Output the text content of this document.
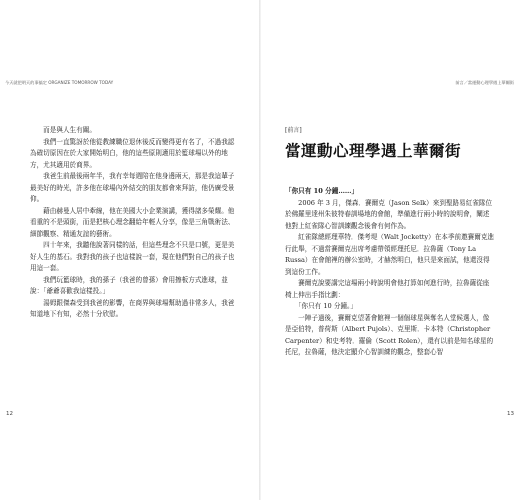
今天就把明天的事搞定 ORGANIZE TOMORROW TODAY

　　而是與人生有關。

　　我們一直驚訝於他從教練職位退休後反而變得更有名了，不過我認為確切原因在於大家開始明白，他的這些原則適用於籃球場以外的地方，尤其適用於商界。

　　我爸生前最後兩年半，我有幸每週陪在他身邊兩天，那是我這輩子最美好的時光，許多他在球場內外結交的朋友都會來拜訪，他仍廣受景仰。

　　藉由赫曼人居中牽線，他在美國大小企業演講，獲得諸多榮耀。他看重的不是頭銜，而是把核心理念翻給年輕人分享，像是三角戰術法、細節觀察、精通友誼的藝術。

　　四十年來，我聽他說著同樣的話，但這些理念不只是口號，更是美好人生的基石。我對我的孩子也這樣說一套，現在他們對自己的孩子也用這一套。

　　我們玩籃球時，我的孫子（我爸的曾孫）會用擦板方式進球，並說：「爺爺喜歡我這樣投。」

　　湯姆跟傑森受到我爸的影響，在商界與球場幫助過非常多人，我爸知道地下有知，必然十分欣慰。

12
前言／當運動心理學遇上華爾街
[前言]
當運動心理學遇上華爾街

「你只有 10 分鐘……」

　　2006 年 3 月，傑森．賽爾克（Jason Selk）來到聖路易紅雀隊位於佛羅里達州朱彼特春訓場地的會館，準備進行兩小時的說明會，闡述他對上紅雀隊心智訓練觀念後會有何作為。

　　紅雀隊總經理華特．傑考堤（Walt Jocketty）在本季前邀賽爾克進行此舉，不過當賽爾克出席考慮帶領經理托尼．拉魯薩（Tony La Russa）在會館裡的辦公室時，才赫然明白，他只是來面試，他還沒得到這份工作。

　　賽爾克說要講完這場兩小時說明會他打算如何進行時，拉魯薩從座椅上伸出手指比劃：

　　「你只有 10 分鐘。」

　　一陣子過後，賽爾克望著會館裡一個個球星與奪名人堂候選人，像是亞伯特，普荷斯（Albert Pujols）、克里斯．卡本特（Christopher Carpenter）和史考特．羅倫（Scott Rolen），還有以前是知名球星的托尼，拉魯薩，他決定顯介心智訓練的觀念，整套心智

13
